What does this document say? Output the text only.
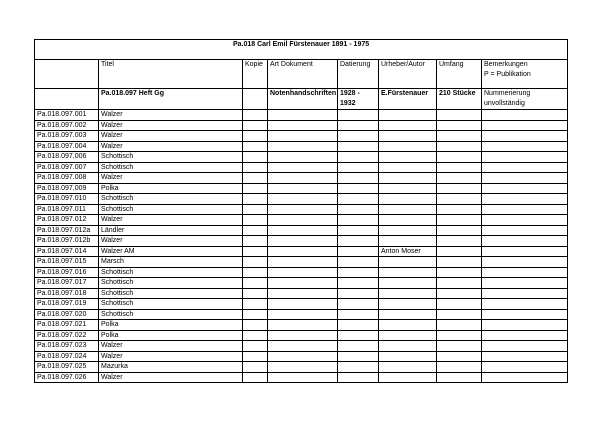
Pa.018 Carl Emil Fürstenauer 1891 - 1975							
	Titel	Kopie	Art Dokument	Datierung	Urheber/Autor	Umfang	Bemerkungen
P = Publikation

	Pa.018.097 Heft Gg		Notenhandschriften	1928 - 1932	E.Fürstenauer	210 Stücke	Nummerierung unvollständig
Pa.018.097.001	Walzer						
Pa.018.097.002	Walzer						
Pa.018.097.003	Walzer						
Pa.018.097.004	Walzer						
Pa.018.097.006	Schottisch						
Pa.018.097.007	Schottisch						
Pa.018.097.008	Walzer						
Pa.018.097.009	Polka						
Pa.018.097.010	Schottisch						
Pa.018.097.011	Schottisch						
Pa.018.097.012	Walzer						
Pa.018.097.012a	Ländler						
Pa.018.097.012b	Walzer						
Pa.018.097.014	Walzer AM				Anton Moser		
Pa.018.097.015	Marsch						
Pa.018.097.016	Schottisch						
Pa.018.097.017	Schottisch						
Pa.018.097.018	Schottisch						
Pa.018.097.019	Schottisch						
Pa.018.097.020	Schottisch						
Pa.018.097.021	Polka						
Pa.018.097.022	Polka						
Pa.018.097.023	Walzer						
Pa.018.097.024	Walzer						
Pa.018.097.025	Mazurka						
Pa.018.097.026	Walzer						
